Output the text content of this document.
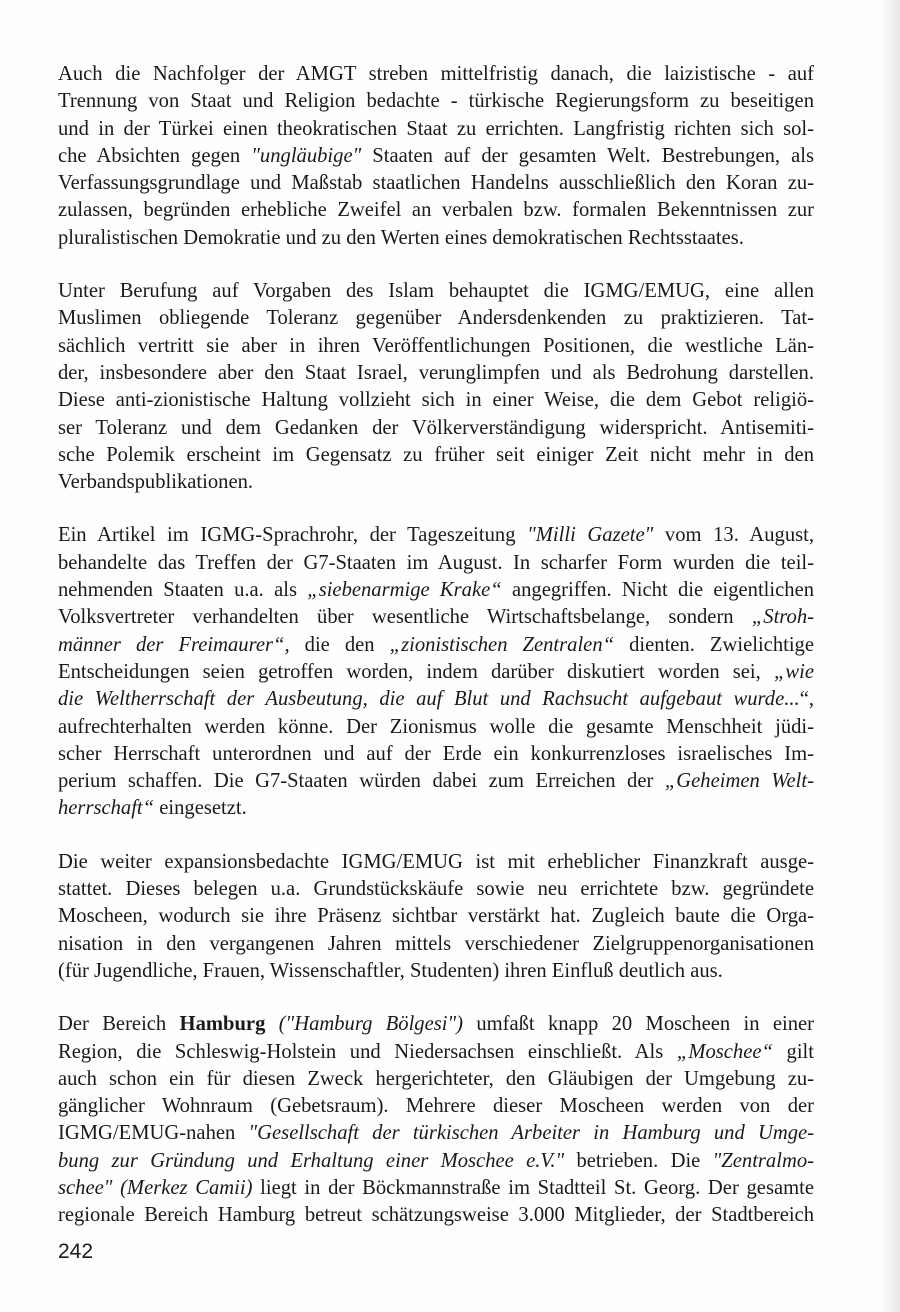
Auch die Nachfolger der AMGT streben mittelfristig danach, die laizistische - auf
Trennung von Staat und Religion bedachte - türkische Regierungsform zu beseitigen
und in der Türkei einen theokratischen Staat zu errichten. Langfristig richten sich sol-
che Absichten gegen "ungläubige" Staaten auf der gesamten Welt. Bestrebungen, als
Verfassungsgrundlage und Maßstab staatlichen Handelns ausschließlich den Koran zu-
zulassen, begründen erhebliche Zweifel an verbalen bzw. formalen Bekenntnissen zur
pluralistischen Demokratie und zu den Werten eines demokratischen Rechtsstaates.

Unter Berufung auf Vorgaben des Islam behauptet die IGMG/EMUG, eine allen
Muslimen obliegende Toleranz gegenüber Andersdenkenden zu praktizieren. Tat-
sächlich vertritt sie aber in ihren Veröffentlichungen Positionen, die westliche Län-
der, insbesondere aber den Staat Israel, verunglimpfen und als Bedrohung darstellen.
Diese anti-zionistische Haltung vollzieht sich in einer Weise, die dem Gebot religiö-
ser Toleranz und dem Gedanken der Völkerverständigung widerspricht. Antisemiti-
sche Polemik erscheint im Gegensatz zu früher seit einiger Zeit nicht mehr in den
Verbandspublikationen.

Ein Artikel im IGMG-Sprachrohr, der Tageszeitung "Milli Gazete" vom 13. August,
behandelte das Treffen der G7-Staaten im August. In scharfer Form wurden die teil-
nehmenden Staaten u.a. als „siebenarmige Krake“ angegriffen. Nicht die eigentlichen
Volksvertreter verhandelten über wesentliche Wirtschaftsbelange, sondern „Stroh-
männer der Freimaurer“, die den „zionistischen Zentralen“ dienten. Zwielichtige
Entscheidungen seien getroffen worden, indem darüber diskutiert worden sei, „wie
die Weltherrschaft der Ausbeutung, die auf Blut und Rachsucht aufgebaut wurde...“,
aufrechterhalten werden könne. Der Zionismus wolle die gesamte Menschheit jüdi-
scher Herrschaft unterordnen und auf der Erde ein konkurrenzloses israelisches Im-
perium schaffen. Die G7-Staaten würden dabei zum Erreichen der „Geheimen Welt-
herrschaft“ eingesetzt.

Die weiter expansionsbedachte IGMG/EMUG ist mit erheblicher Finanzkraft ausge-
stattet. Dieses belegen u.a. Grundstückskäufe sowie neu errichtete bzw. gegründete
Moscheen, wodurch sie ihre Präsenz sichtbar verstärkt hat. Zugleich baute die Orga-
nisation in den vergangenen Jahren mittels verschiedener Zielgruppenorganisationen
(für Jugendliche, Frauen, Wissenschaftler, Studenten) ihren Einfluß deutlich aus.

Der Bereich Hamburg ("Hamburg Bölgesi") umfaßt knapp 20 Moscheen in einer
Region, die Schleswig-Holstein und Niedersachsen einschließt. Als „Moschee“ gilt
auch schon ein für diesen Zweck hergerichteter, den Gläubigen der Umgebung zu-
gänglicher Wohnraum (Gebetsraum). Mehrere dieser Moscheen werden von der
IGMG/EMUG-nahen "Gesellschaft der türkischen Arbeiter in Hamburg und Umge-
bung zur Gründung und Erhaltung einer Moschee e.V." betrieben. Die "Zentralmo-
schee" (Merkez Camii) liegt in der Böckmannstraße im Stadtteil St. Georg. Der gesamte
regionale Bereich Hamburg betreut schätzungsweise 3.000 Mitglieder, der Stadtbereich

242
